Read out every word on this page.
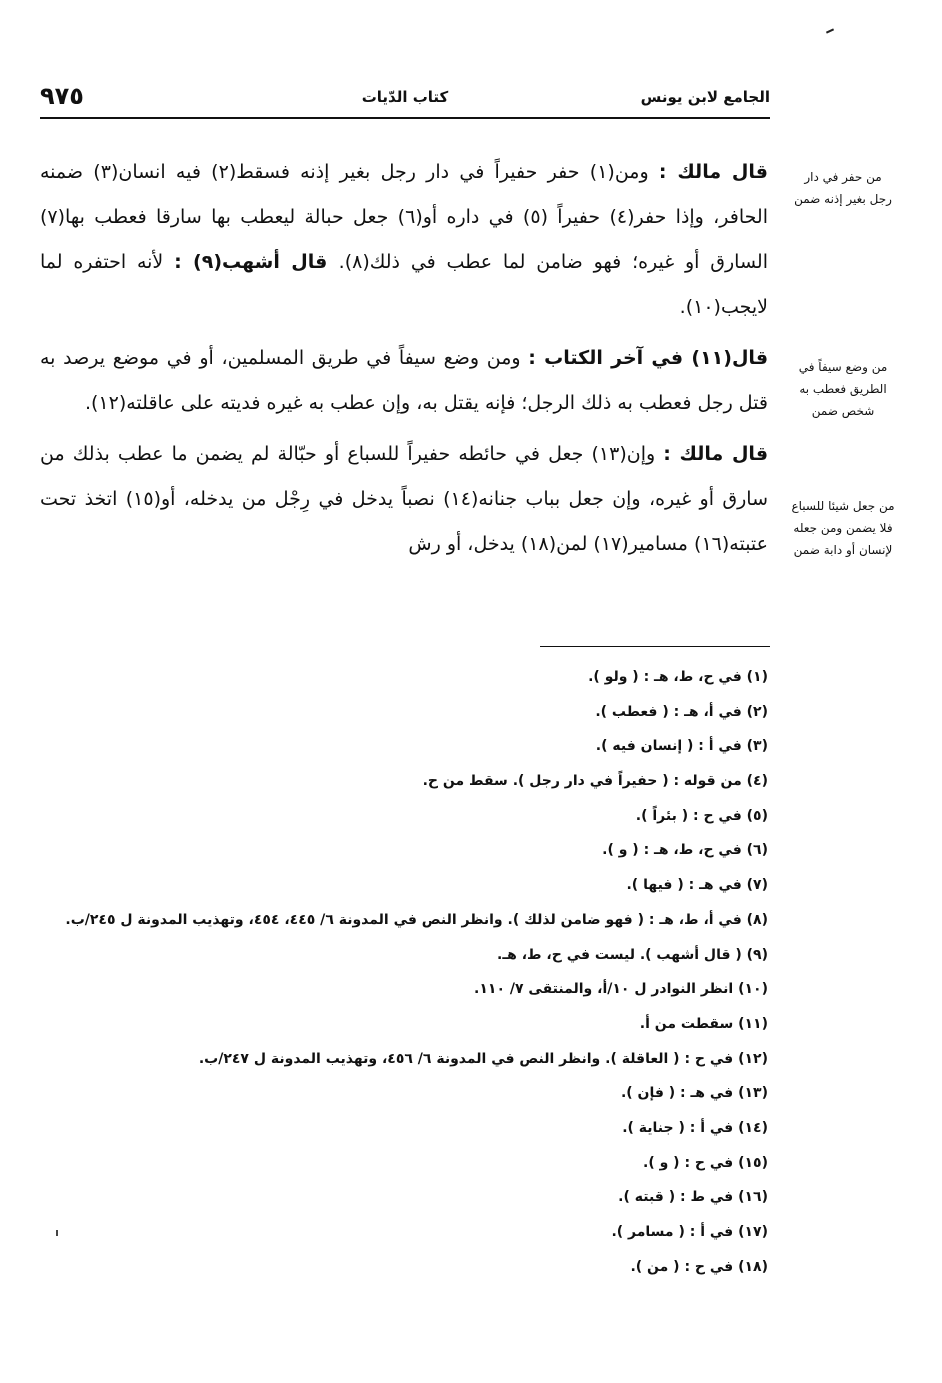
الجامع لابن يونس
كتاب الدّيات
٩٧٥

قال مالك : ومن(١) حفر حفيراً في دار رجل بغير إذنه فسقط(٢) فيه انسان(٣) ضمنه الحافر، وإذا حفر(٤) حفيراً (٥) في داره أو(٦) جعل حبالة ليعطب بها سارقا فعطب بها(٧) السارق أو غيره؛ فهو ضامن لما عطب في ذلك(٨). قال أشهب(٩) : لأنه احتفره لما لايجب(١٠).

قال(١١) في آخر الكتاب : ومن وضع سيفاً في طريق المسلمين، أو في موضع يرصد به قتل رجل فعطب به ذلك الرجل؛ فإنه يقتل به، وإن عطب به غيره فديته على عاقلته(١٢).

قال مالك : وإن(١٣) جعل في حائطه حفيراً للسباع أو حبّالة لم يضمن ما عطب بذلك من سارق أو غيره، وإن جعل بباب جنانه(١٤) نصباً يدخل في رِجْل من يدخله، أو(١٥) اتخذ تحت عتبته(١٦) مسامير(١٧) لمن(١٨) يدخل، أو رش

من حفر في دار
رجل بغير إذنه ضمن
من وضع سيفاً في
الطريق فعطب به
شخص ضمن
من جعل شيئا للسباع
فلا يضمن ومن جعله
لإنسان أو دابة ضمن
(١) في ح، ط، هـ : ( ولو ).
(٢) في أ، هـ : ( فعطب ).
(٣) في أ : ( إنسان فيه ).
(٤) من قوله : ( حفيراً في دار رجل ). سقط من ح.
(٥) في ح : ( بئراً ).
(٦) في ح، ط، هـ : ( و ).
(٧) في هـ : ( فيها ).
(٨) في أ، ط، هـ : ( فهو ضامن لذلك ). وانظر النص في المدونة ٦/ ٤٤٥، ٤٥٤، وتهذيب المدونة ل ٢٤٥/ب.
(٩) ( قال أشهب ). ليست في ح، ط، هـ.
(١٠) انظر النوادر ل ١٠/أ، والمنتقى ٧/ ١١٠.
(١١) سقطت من أ.
(١٢) في ح : ( العاقلة ). وانظر النص في المدونة ٦/ ٤٥٦، وتهذيب المدونة ل ٢٤٧/ب.
(١٣) في هـ : ( فإن ).
(١٤) في أ : ( جناية ).
(١٥) في ح : ( و ).
(١٦) في ط : ( قبته ).
(١٧) في أ : ( مسامر ).
(١٨) في ح : ( من ).
